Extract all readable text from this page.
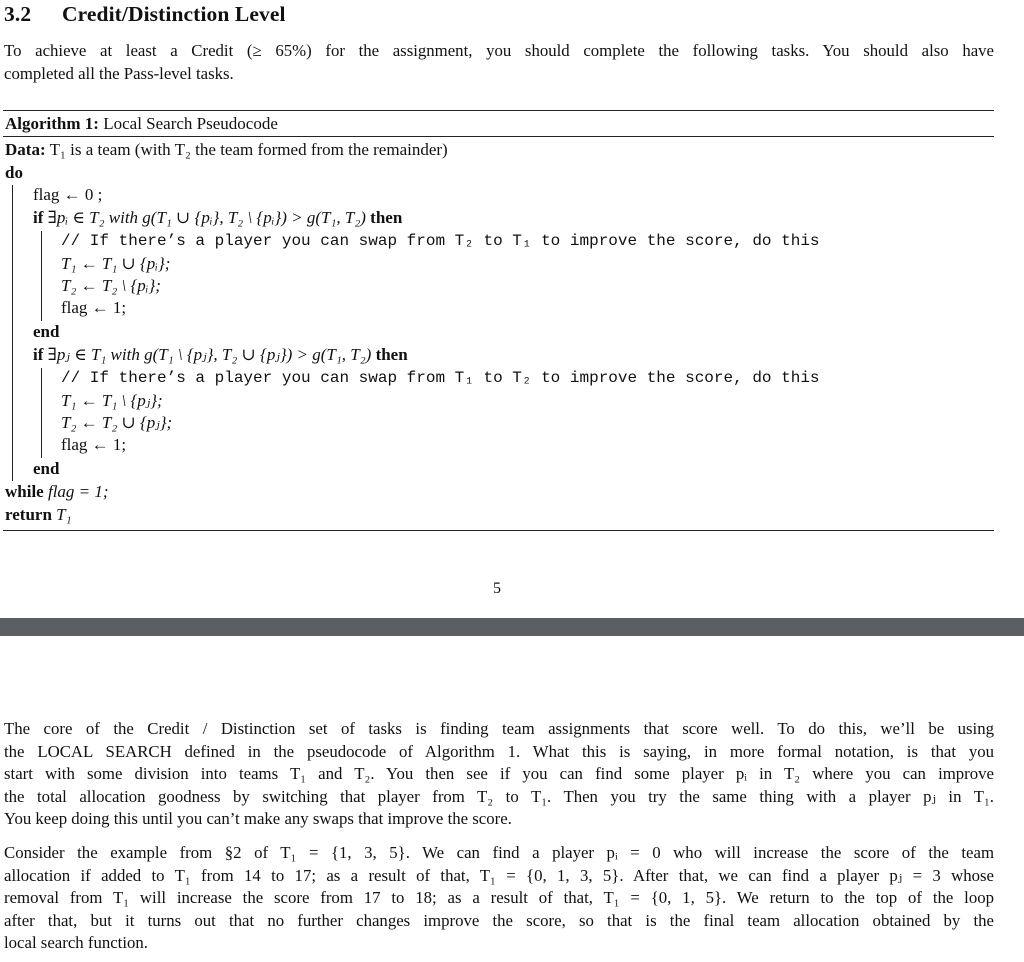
3.2 Credit/Distinction Level
To achieve at least a Credit (≥ 65%) for the assignment, you should complete the following tasks. You should also have
completed all the Pass-level tasks.
Algorithm 1: Local Search Pseudocode
Data: T₁ is a team (with T₂ the team formed from the remainder)
do
flag ← 0 ;
if ∃pᵢ ∈ T₂ with g(T₁ ∪ {pᵢ}, T₂ \ {pᵢ}) > g(T₁, T₂) then
// If there’s a player you can swap from T₂ to T₁ to improve the score, do this
T₁ ← T₁ ∪ {pᵢ};
T₂ ← T₂ \ {pᵢ};
flag ← 1;
end
if ∃pⱼ ∈ T₁ with g(T₁ \ {pⱼ}, T₂ ∪ {pⱼ}) > g(T₁, T₂) then
// If there’s a player you can swap from T₁ to T₂ to improve the score, do this
T₁ ← T₁ \ {pⱼ};
T₂ ← T₂ ∪ {pⱼ};
flag ← 1;
end
while flag = 1;
return T₁
5
The core of the Credit / Distinction set of tasks is finding team assignments that score well. To do this, we’ll be using
the LOCAL SEARCH defined in the pseudocode of Algorithm 1. What this is saying, in more formal notation, is that you
start with some division into teams T₁ and T₂. You then see if you can find some player pᵢ in T₂ where you can improve
the total allocation goodness by switching that player from T₂ to T₁. Then you try the same thing with a player pⱼ in T₁.
You keep doing this until you can’t make any swaps that improve the score.
Consider the example from §2 of T₁ = {1, 3, 5}. We can find a player pᵢ = 0 who will increase the score of the team
allocation if added to T₁ from 14 to 17; as a result of that, T₁ = {0, 1, 3, 5}. After that, we can find a player pⱼ = 3 whose
removal from T₁ will increase the score from 17 to 18; as a result of that, T₁ = {0, 1, 5}. We return to the top of the loop
after that, but it turns out that no further changes improve the score, so that is the final team allocation obtained by the
local search function.
